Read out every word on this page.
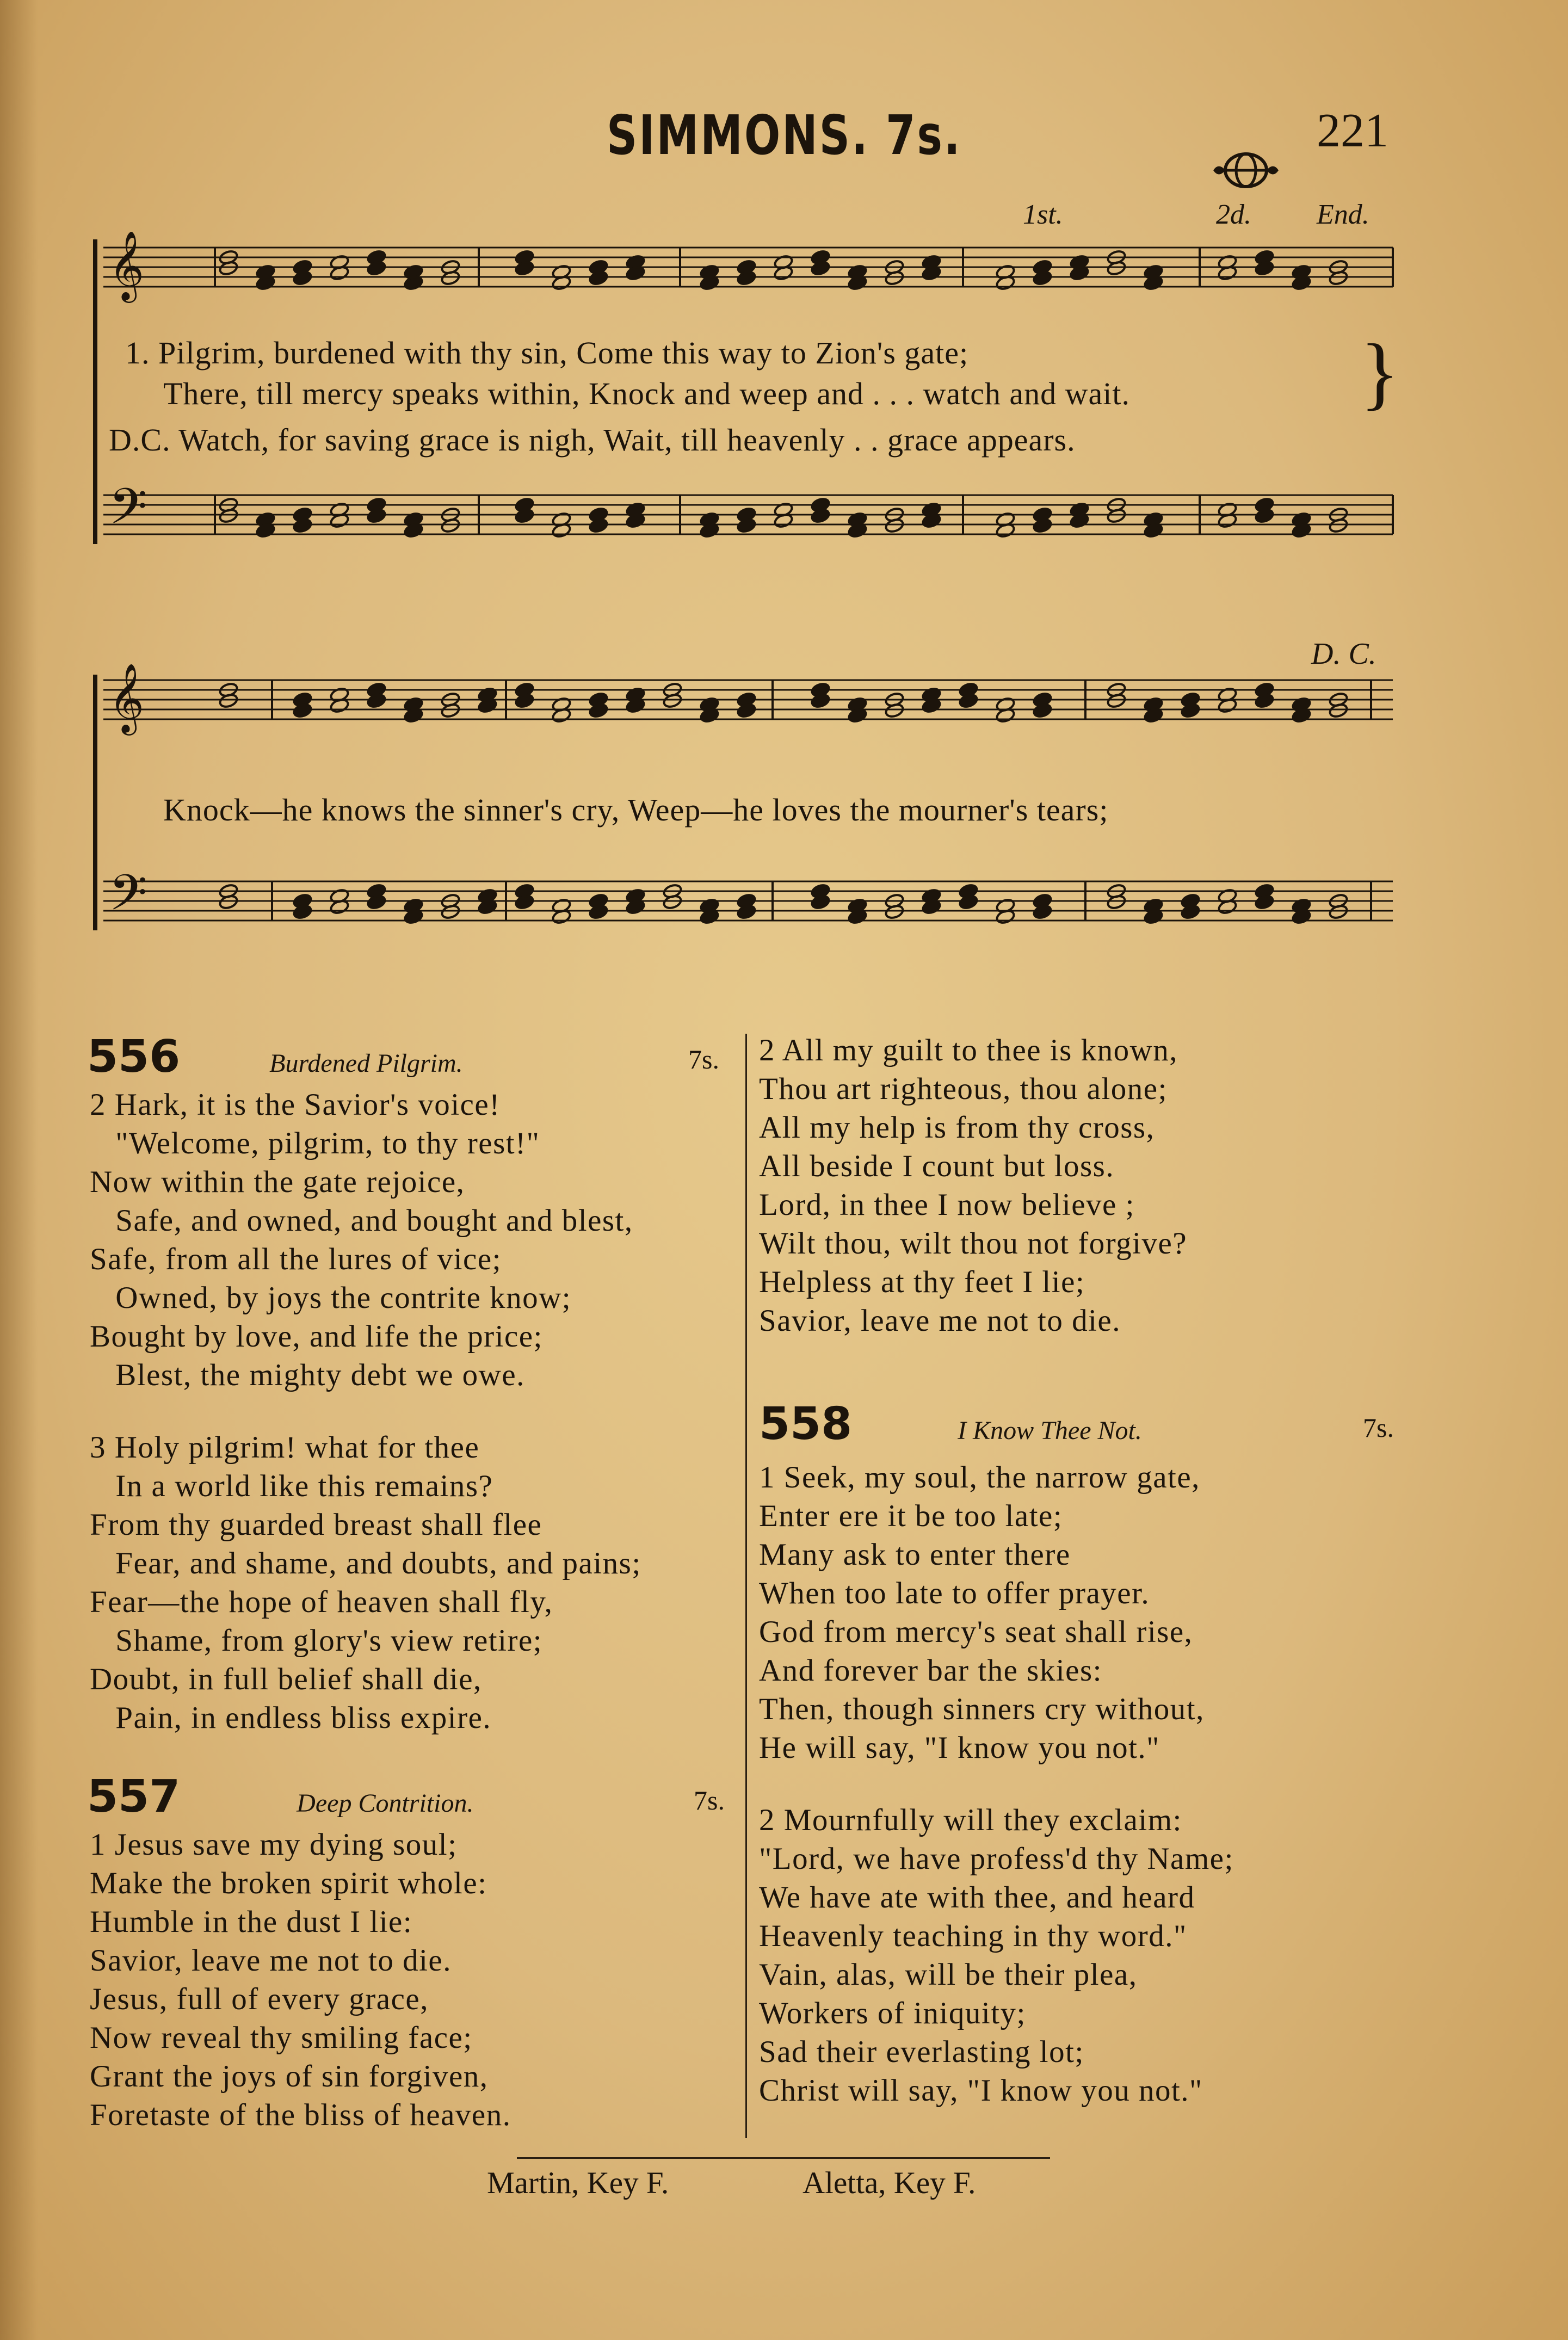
SIMMONS. 7s.	221
1st.	2d. End.
D. C.
𝄞
𝄢
𝄞
𝄢
1. Pilgrim, burdened with thy sin, Come this way to Zion's gate;
There, till mercy speaks within, Knock and weep and . . . watch and wait.	}
D.C. Watch, for saving grace is nigh, Wait, till heavenly . . grace appears.
Knock—he knows the sinner's cry, Weep—he loves the mourner's tears;
556	Burdened Pilgrim.	7s.
2 Hark, it is the Savior's voice!
"Welcome, pilgrim, to thy rest!"
Now within the gate rejoice,
Safe, and owned, and bought and blest,
Safe, from all the lures of vice;
Owned, by joys the contrite know;
Bought by love, and life the price;
Blest, the mighty debt we owe.
3 Holy pilgrim! what for thee
In a world like this remains?
From thy guarded breast shall flee
Fear, and shame, and doubts, and pains;
Fear—the hope of heaven shall fly,
Shame, from glory's view retire;
Doubt, in full belief shall die,
Pain, in endless bliss expire.
557	Deep Contrition.	7s.
1 Jesus save my dying soul;
Make the broken spirit whole:
Humble in the dust I lie:
Savior, leave me not to die.
Jesus, full of every grace,
Now reveal thy smiling face;
Grant the joys of sin forgiven,
Foretaste of the bliss of heaven.
2 All my guilt to thee is known,
Thou art righteous, thou alone;
All my help is from thy cross,
All beside I count but loss.
Lord, in thee I now believe ;
Wilt thou, wilt thou not forgive?
Helpless at thy feet I lie;
Savior, leave me not to die.
558	I Know Thee Not.	7s.
1 Seek, my soul, the narrow gate,
Enter ere it be too late;
Many ask to enter there
When too late to offer prayer.
God from mercy's seat shall rise,
And forever bar the skies:
Then, though sinners cry without,
He will say, "I know you not."
2 Mournfully will they exclaim:
"Lord, we have profess'd thy Name;
We have ate with thee, and heard
Heavenly teaching in thy word."
Vain, alas, will be their plea,
Workers of iniquity;
Sad their everlasting lot;
Christ will say, "I know you not."
Martin, Key F.	Aletta, Key F.
